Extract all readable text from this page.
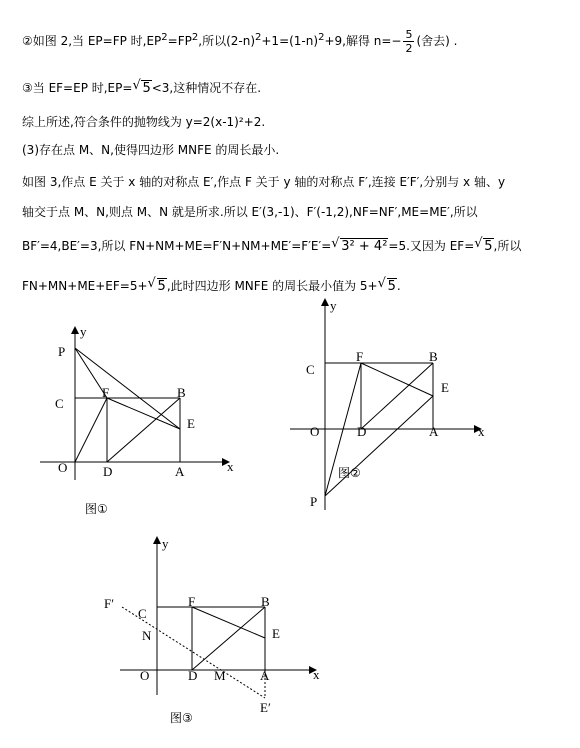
②如图 2,当 EP=FP 时$,EP^2=FP^2$,所以$(2-n)^2+1=(1-n)^2+9$,解得 $n=- \frac{5}{2}$ (舍去) .
③当 EF=EP 时,EP= √ 5<3,这种情况不存在.
综上所述,符合条件的抛物线为 y=2(x-1)²+2.
(3)存在点 M、N,使得四边形 MNFE 的周长最小.
如图 3,作点 E 关于 x 轴的对称点 E′,作点 F 关于 y 轴的对称点 F′,连接 E′F′,分别与 x 轴、y
轴交于点 M、N,则点 M、N 就是所求.所以 E′(3,-1)、F′(-1,2),NF=NF′,ME=ME′,所以
BF′=4,BE′=3,所以 FN+NM+ME=F′N+NM+ME′=F′E′= √ 3² + 4²=5.又因为 EF= √ 5,所以
FN+MN+ME+EF=5+ √ 5,此时四边形 MNFE 的周长最小值为 5+ √ 5.
y
x
P
C
F	B
E
O	D	A
图①
y
x
C
F	B
E
O	D	A
P
图②
y
x
F′
C
N
F	B
E
O	D M	A
E′
图③
